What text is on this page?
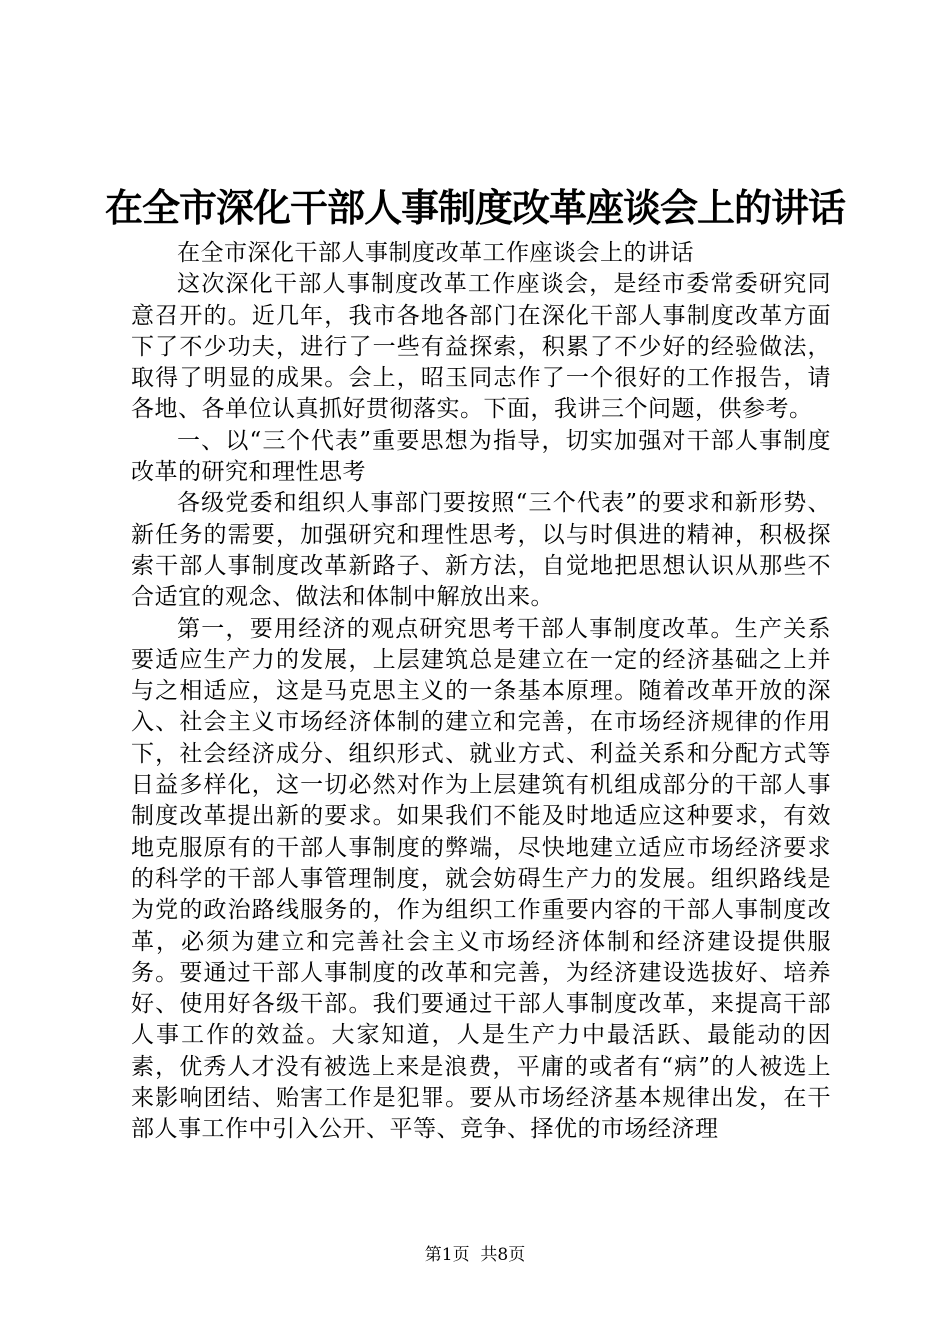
在全市深化干部人事制度改革座谈会上的讲话

在全市深化干部人事制度改革工作座谈会上的讲话

这次深化干部人事制度改革工作座谈会，是经市委常委研究同意召开的。近几年，我市各地各部门在深化干部人事制度改革方面下了不少功夫，进行了一些有益探索，积累了不少好的经验做法，取得了明显的成果。会上，昭玉同志作了一个很好的工作报告，请各地、各单位认真抓好贯彻落实。下面，我讲三个问题，供参考。

一、以“三个代表”重要思想为指导，切实加强对干部人事制度改革的研究和理性思考

各级党委和组织人事部门要按照“三个代表”的要求和新形势、新任务的需要，加强研究和理性思考，以与时俱进的精神，积极探索干部人事制度改革新路子、新方法，自觉地把思想认识从那些不合适宜的观念、做法和体制中解放出来。

第一，要用经济的观点研究思考干部人事制度改革。生产关系要适应生产力的发展，上层建筑总是建立在一定的经济基础之上并与之相适应，这是马克思主义的一条基本原理。随着改革开放的深入、社会主义市场经济体制的建立和完善，在市场经济规律的作用下，社会经济成分、组织形式、就业方式、利益关系和分配方式等日益多样化，这一切必然对作为上层建筑有机组成部分的干部人事制度改革提出新的要求。如果我们不能及时地适应这种要求，有效地克服原有的干部人事制度的弊端，尽快地建立适应市场经济要求的科学的干部人事管理制度，就会妨碍生产力的发展。组织路线是为党的政治路线服务的，作为组织工作重要内容的干部人事制度改革，必须为建立和完善社会主义市场经济体制和经济建设提供服务。要通过干部人事制度的改革和完善，为经济建设选拔好、培养好、使用好各级干部。我们要通过干部人事制度改革，来提高干部人事工作的效益。大家知道，人是生产力中最活跃、最能动的因素，优秀人才没有被选上来是浪费，平庸的或者有“病”的人被选上来影响团结、贻害工作是犯罪。要从市场经济基本规律出发，在干部人事工作中引入公开、平等、竞争、择优的市场经济理

第1页 共8页
